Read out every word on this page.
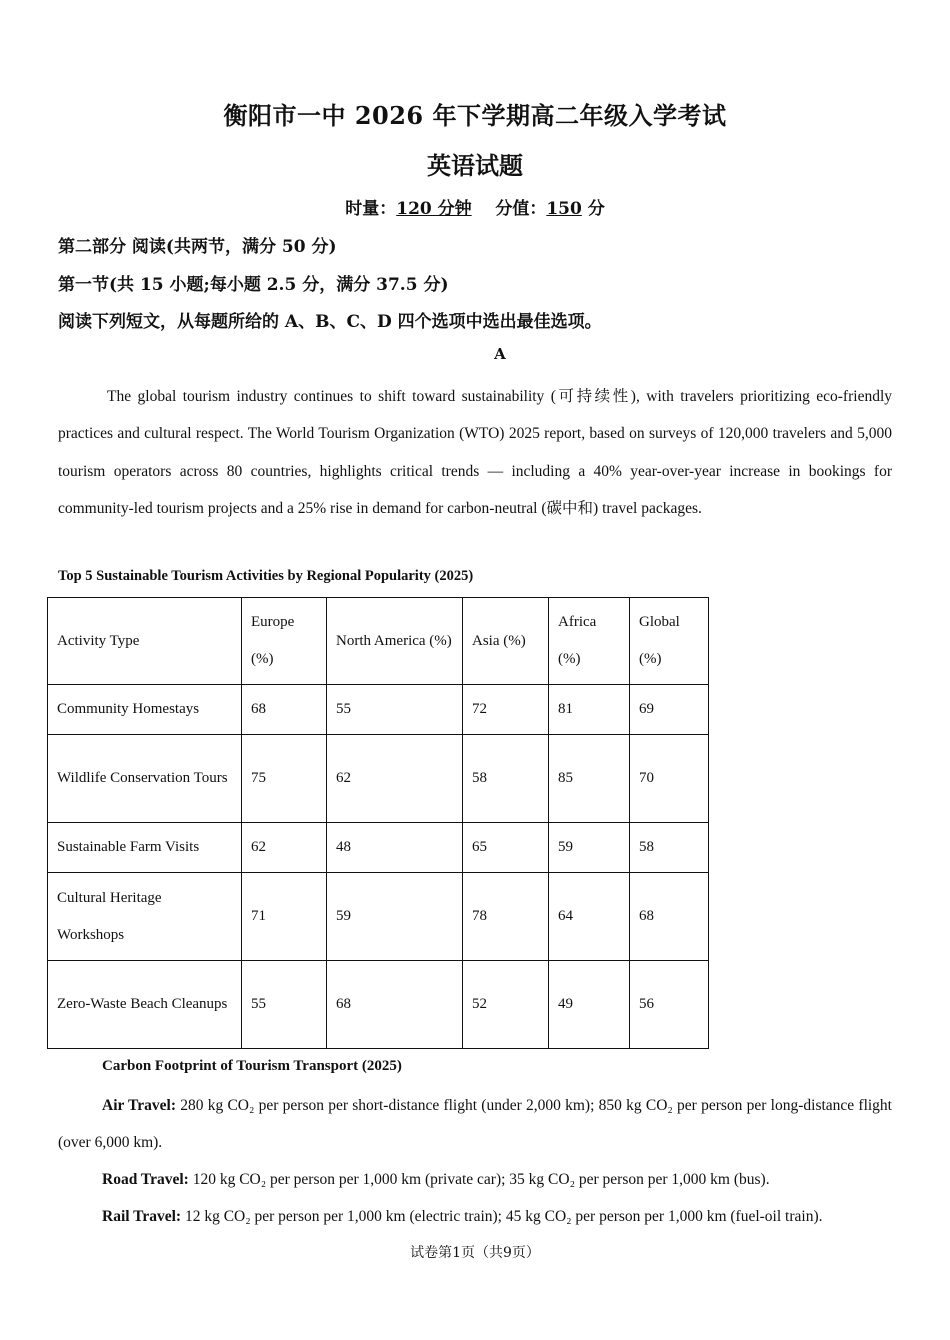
衡阳市一中 2026 年下学期高二年级入学考试
英语试题
时量：120 分钟 分值：150 分
第二部分 阅读(共两节，满分 50 分)
第一节(共 15 小题;每小题 2.5 分，满分 37.5 分)
阅读下列短文，从每题所给的 A、B、C、D 四个选项中选出最佳选项。
A

The global tourism industry continues to shift toward sustainability (可持续性), with travelers prioritizing eco-friendly practices and cultural respect. The World Tourism Organization (WTO) 2025 report, based on surveys of 120,000 travelers and 5,000 tourism operators across 80 countries, highlights critical trends — including a 40% year-over-year increase in bookings for community-led tourism projects and a 25% rise in demand for carbon-neutral (碳中和) travel packages.

Top 5 Sustainable Tourism Activities by Regional Popularity (2025)
Activity Type	Europe (%)	North America (%)	Asia (%)	Africa (%)	Global (%)
Community Homestays	68	55	72	81	69
Wildlife Conservation Tours	75	62	58	85	70
Sustainable Farm Visits	62	48	65	59	58
Cultural Heritage Workshops	71	59	78	64	68
Zero-Waste Beach Cleanups	55	68	52	49	56
Carbon Footprint of Tourism Transport (2025)

Air Travel: 280 kg CO₂ per person per short-distance flight (under 2,000 km); 850 kg CO₂ per person per long-distance flight (over 6,000 km).

Road Travel: 120 kg CO₂ per person per 1,000 km (private car); 35 kg CO₂ per person per 1,000 km (bus).

Rail Travel: 12 kg CO₂ per person per 1,000 km (electric train); 45 kg CO₂ per person per 1,000 km (fuel-oil train).

试卷第1页（共9页）
